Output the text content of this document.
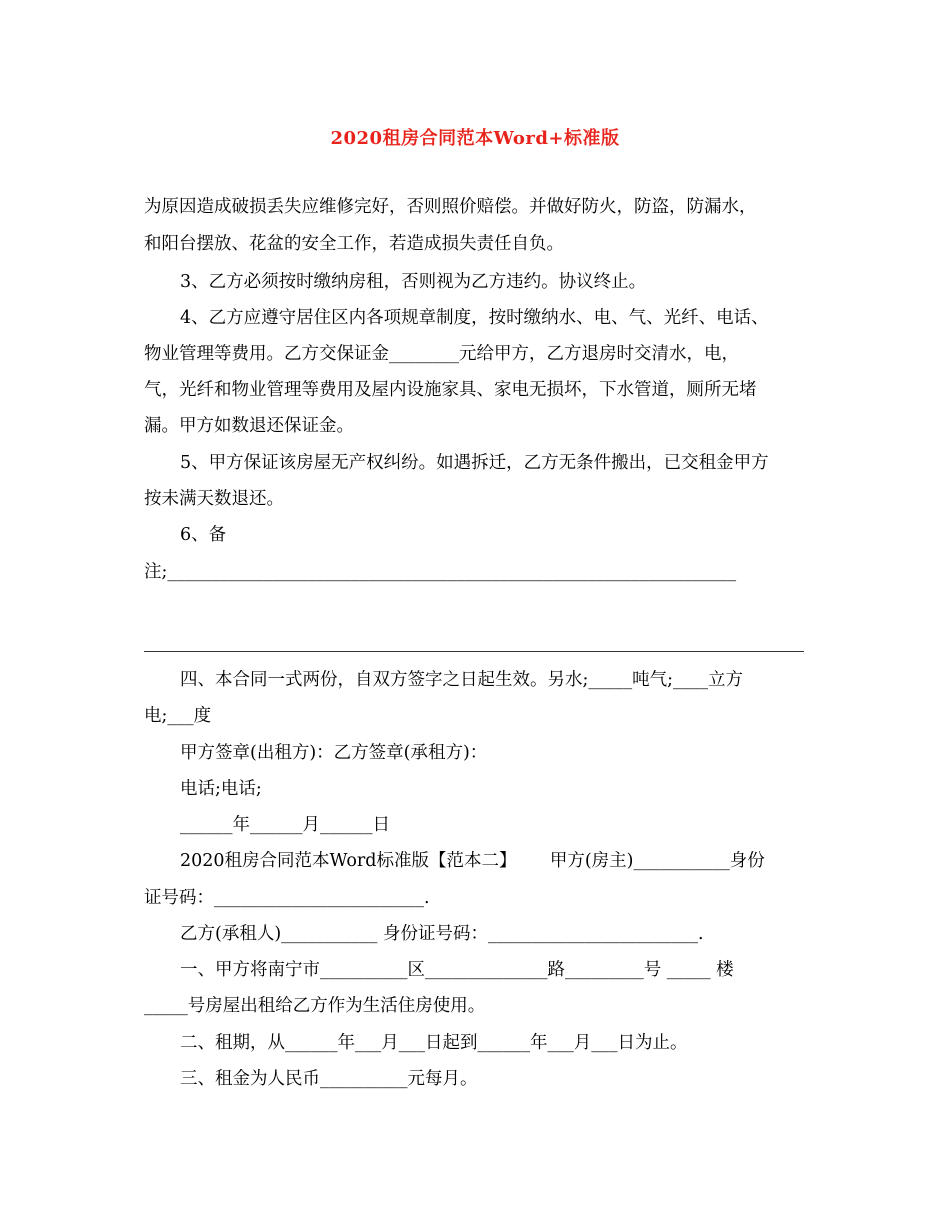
2020租房合同范本Word+标准版
为原因造成破损丢失应维修完好，否则照价赔偿。并做好防火，防盗，防漏水，
和阳台摆放、花盆的安全工作，若造成损失责任自负。
3、乙方必须按时缴纳房租，否则视为乙方违约。协议终止。
4、乙方应遵守居住区内各项规章制度，按时缴纳水、电、气、光纤、电话、
物业管理等费用。乙方交保证金________元给甲方，乙方退房时交清水，电，
气，光纤和物业管理等费用及屋内设施家具、家电无损坏，下水管道，厕所无堵
漏。甲方如数退还保证金。
5、甲方保证该房屋无产权纠纷。如遇拆迁，乙方无条件搬出，已交租金甲方
按未满天数退还。
6、备
注;_________________________________________________________________
四、本合同一式两份，自双方签字之日起生效。另水;_____吨气;____立方
电;___度
甲方签章(出租方)：乙方签章(承租方)：
电话;电话;
______年______月______日
2020租房合同范本Word标准版【范本二】      甲方(房主)___________身份
证号码：________________________.
乙方(承租人)___________ 身份证号码：________________________.
一、甲方将南宁市__________区______________路_________号 _____ 楼
_____号房屋出租给乙方作为生活住房使用。
二、租期，从______年___月___日起到______年___月___日为止。
三、租金为人民币__________元每月。
